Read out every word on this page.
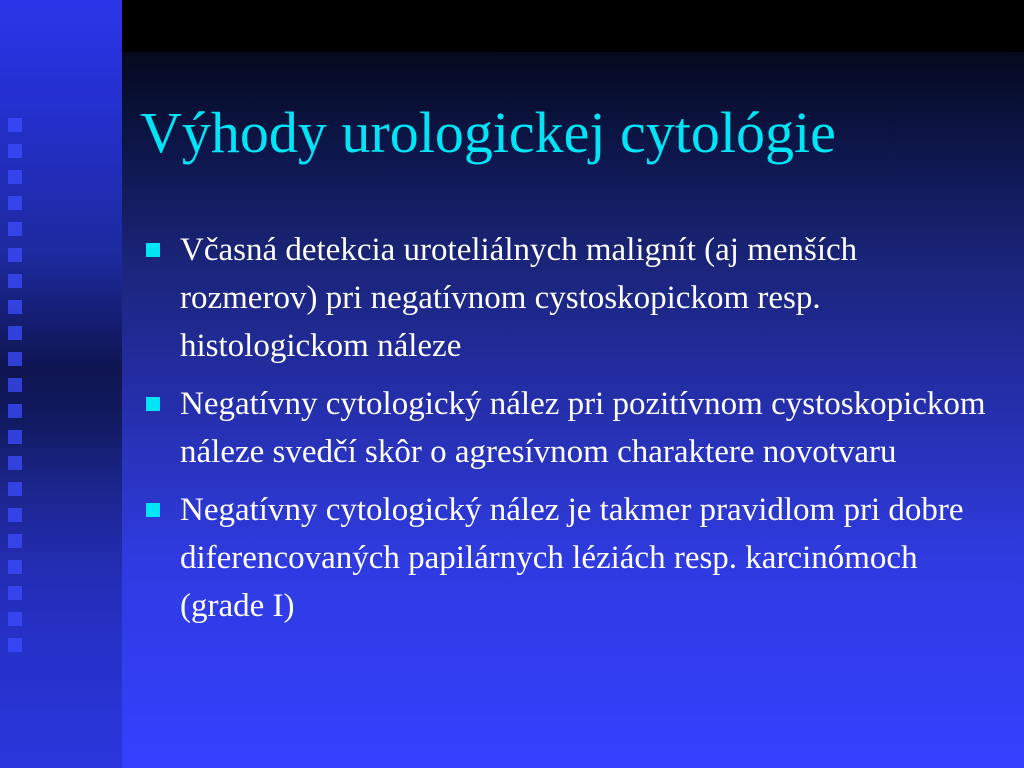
Výhody urologickej cytológie
Včasná detekcia uroteliálnych malignít (aj menších rozmerov) pri negatívnom cystoskopickom resp. histologickom náleze
Negatívny cytologický nález pri pozitívnom cystoskopickom náleze svedčí skôr o agresívnom charaktere novotvaru
Negatívny cytologický nález je takmer pravidlom pri dobre diferencovaných papilárnych léziách resp. karcinómoch (grade I)
